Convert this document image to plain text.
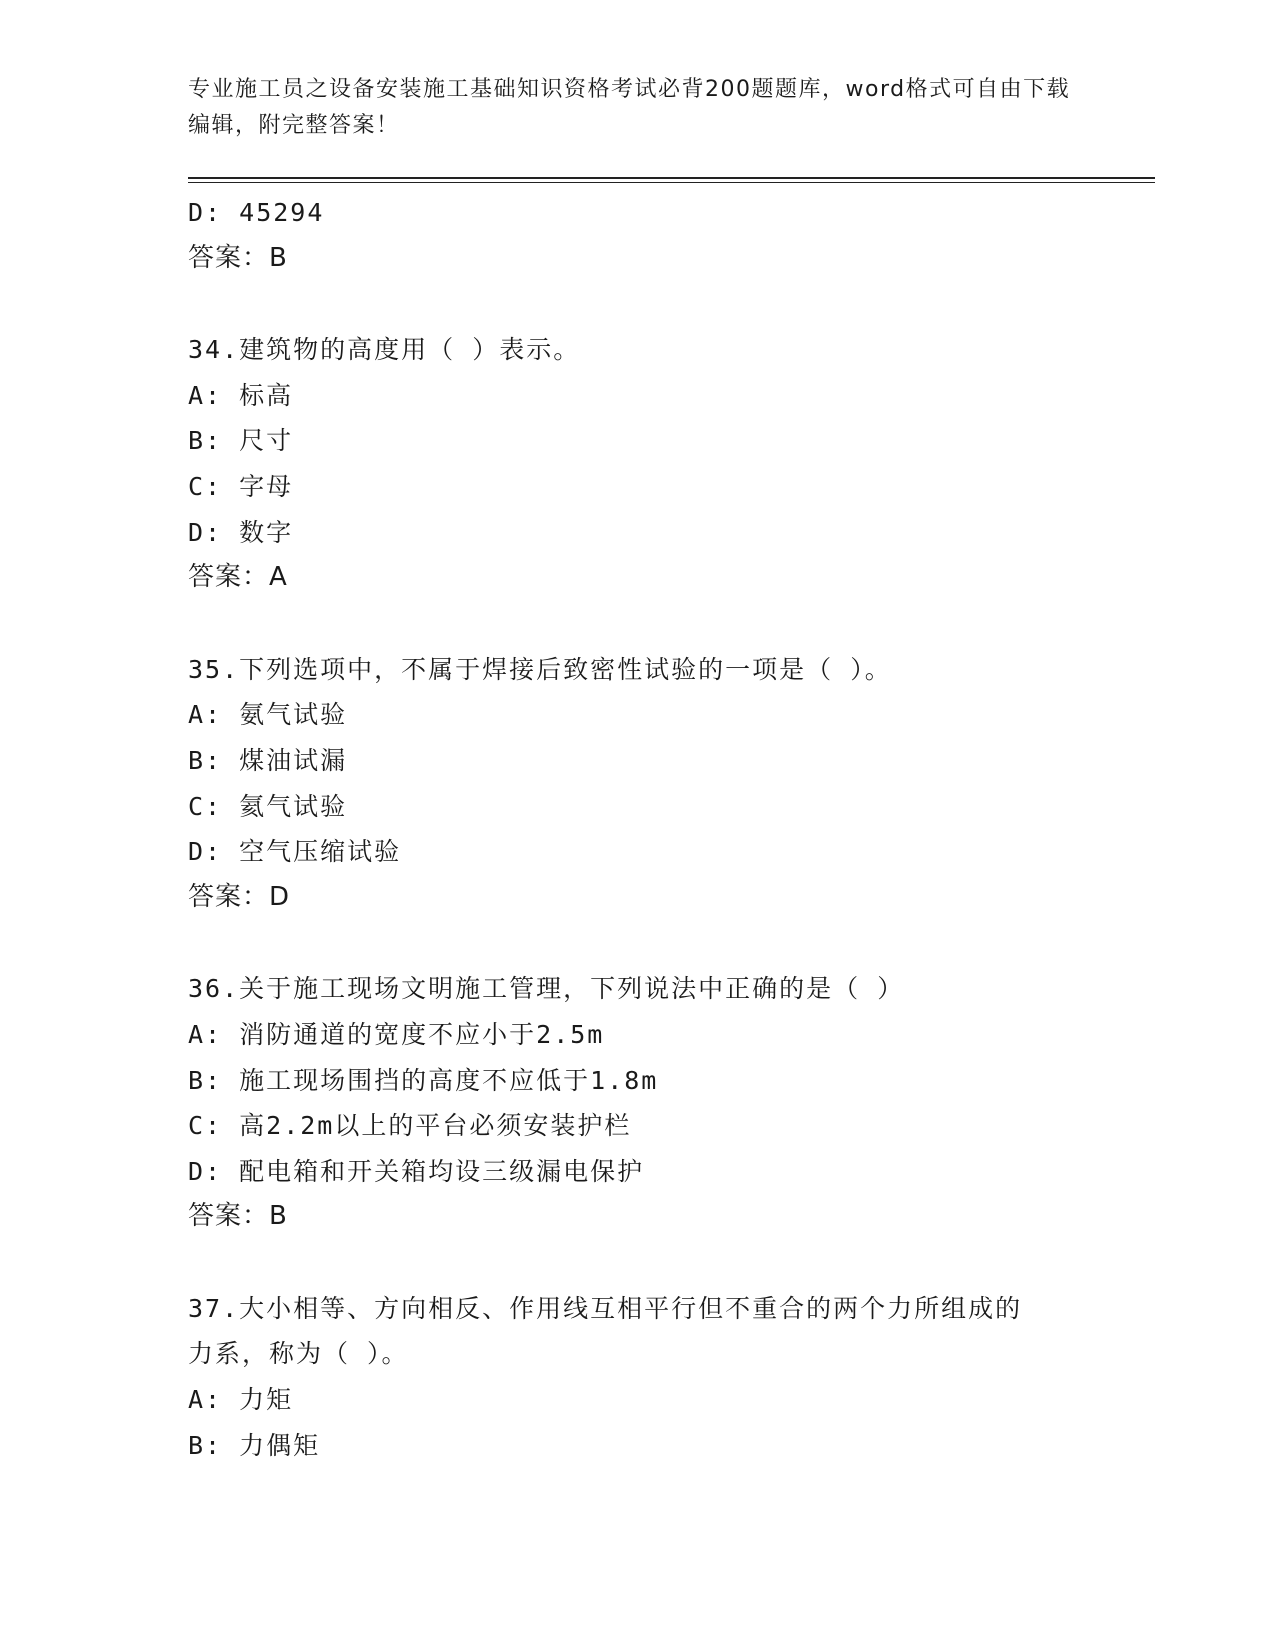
专业施工员之设备安装施工基础知识资格考试必背200题题库，word格式可自由下载编辑，附完整答案！
D: 45294
答案：B
34.建筑物的高度用（ ）表示。
A: 标高
B: 尺寸
C: 字母
D: 数字
答案：A
35.下列选项中，不属于焊接后致密性试验的一项是（ ）。
A: 氨气试验
B: 煤油试漏
C: 氦气试验
D: 空气压缩试验
答案：D
36.关于施工现场文明施工管理，下列说法中正确的是（ ）
A: 消防通道的宽度不应小于2.5m
B: 施工现场围挡的高度不应低于1.8m
C: 高2.2m以上的平台必须安装护栏
D: 配电箱和开关箱均设三级漏电保护
答案：B
37.大小相等、方向相反、作用线互相平行但不重合的两个力所组成的
力系，称为（ ）。
A: 力矩
B: 力偶矩
